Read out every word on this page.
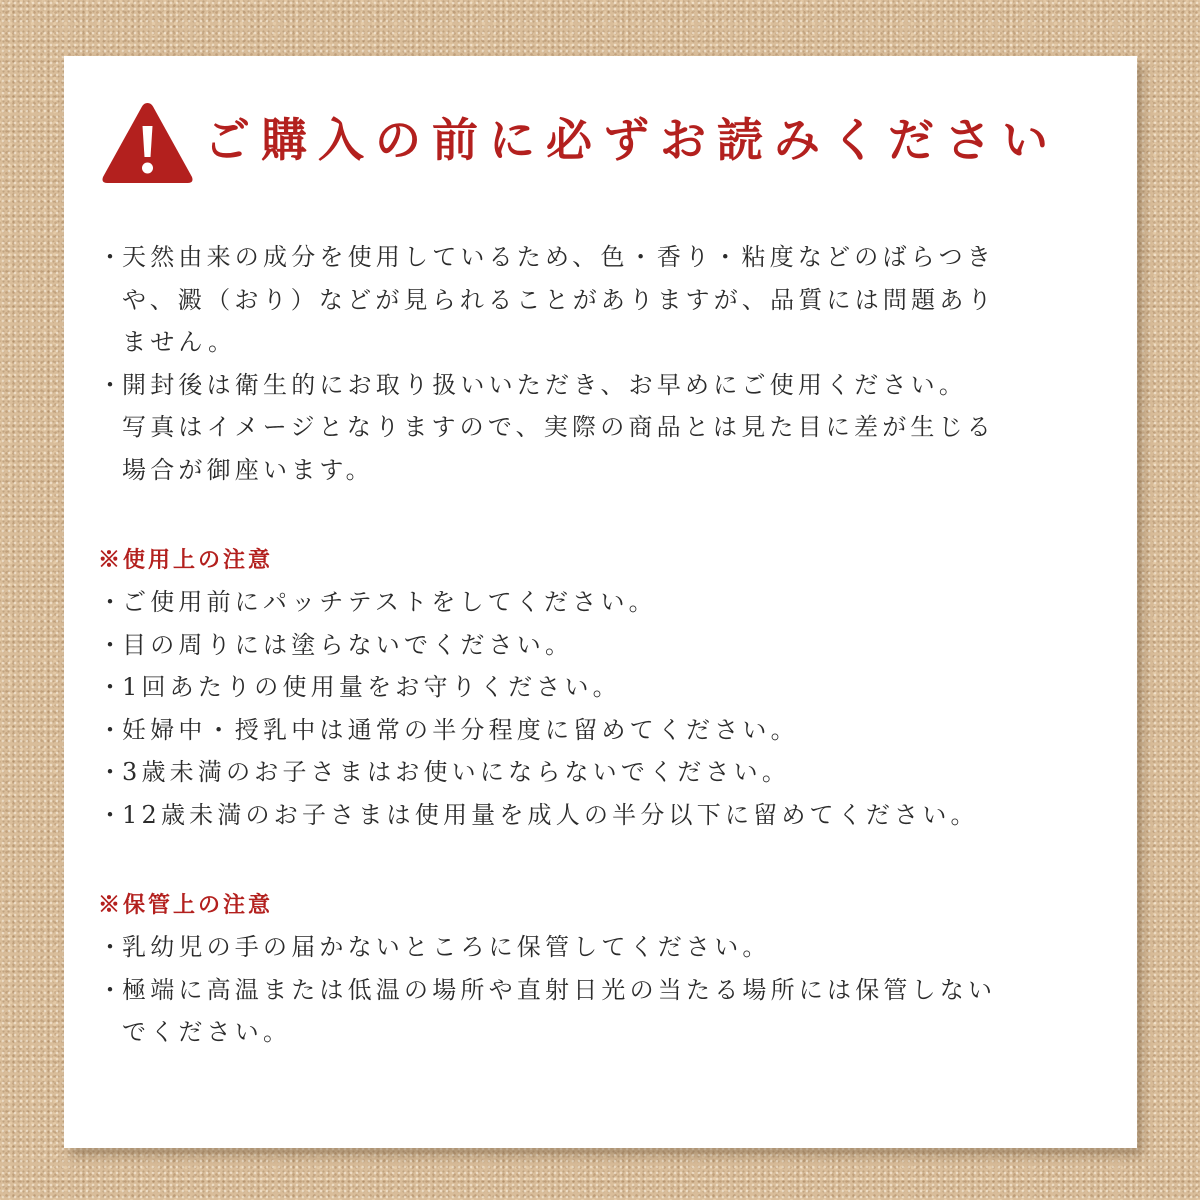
ご購入の前に必ずお読みください
・
天然由来の成分を使用しているため、色・香り・粘度などのばらつき
や、澱（おり）などが見られることがありますが、品質には問題あり
ません。
・
開封後は衛生的にお取り扱いいただき、お早めにご使用ください。
写真はイメージとなりますので、実際の商品とは見た目に差が生じる
場合が御座います。
※使用上の注意
・
ご使用前にパッチテストをしてください。
・
目の周りには塗らないでください。
・
1回あたりの使用量をお守りください。
・
妊婦中・授乳中は通常の半分程度に留めてください。
・
3歳未満のお子さまはお使いにならないでください。
・
12歳未満のお子さまは使用量を成人の半分以下に留めてください。
※保管上の注意
・
乳幼児の手の届かないところに保管してください。
・
極端に高温または低温の場所や直射日光の当たる場所には保管しない
でください。
